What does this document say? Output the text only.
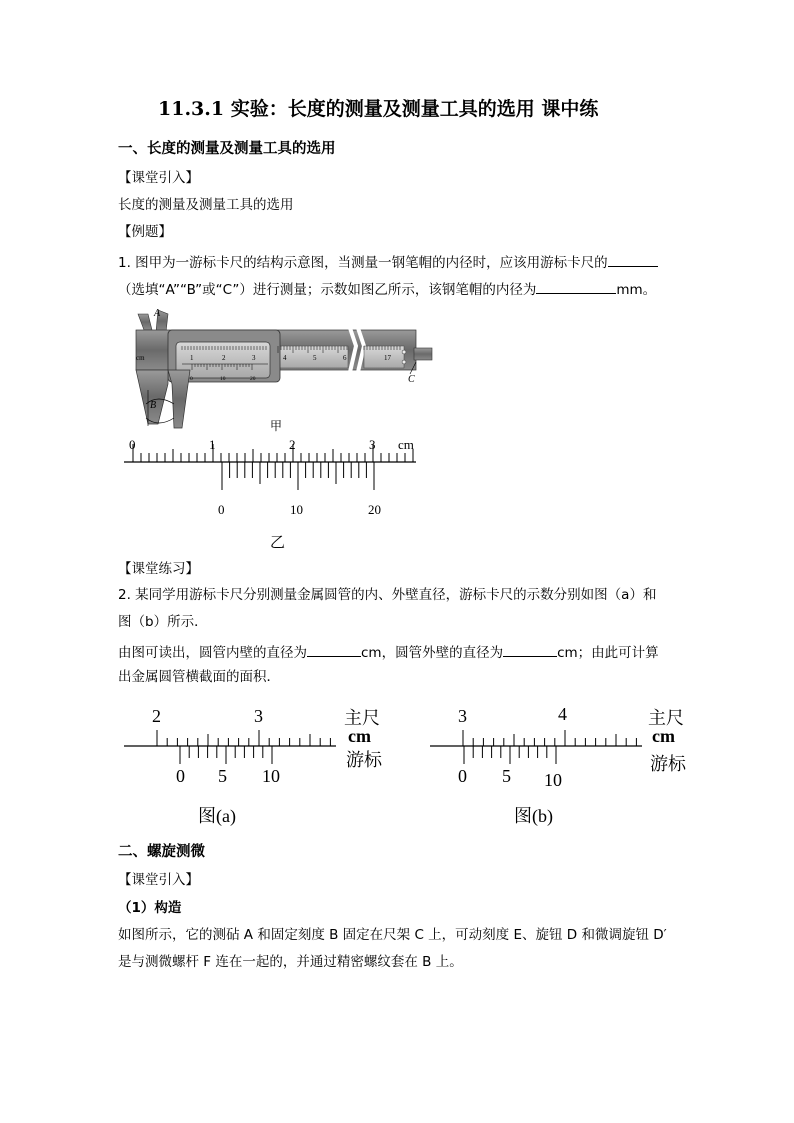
11.3.1 实验：长度的测量及测量工具的选用 课中练
一、长度的测量及测量工具的选用
【课堂引入】
长度的测量及测量工具的选用
【例题】
1. 图甲为一游标卡尺的结构示意图，当测量一钢笔帽的内径时，应该用游标卡尺的
（选填“A”“B”或“C”）进行测量；示数如图乙所示，该钢笔帽的内径为	mm。
cm	1	2	3	4	5	6	17
0	10	20
A
B
C
甲
0	1	2	3 cm
0	10	20
乙
【课堂练习】
2. 某同学用游标卡尺分别测量金属圆管的内、外壁直径，游标卡尺的示数分别如图（a）和
图（b）所示．
由图可读出，圆管内壁的直径为	cm，圆管外壁的直径为	cm；由此可计算
出金属圆管横截面的面积．
2	3	主尺
cm
游标
0 5 10
图(a)
3	4	主尺
cm
游标
0 5 10
图(b)
二、螺旋测微
【课堂引入】
（1）构造
如图所示，它的测砧 A 和固定刻度 B 固定在尺架 C 上，可动刻度 E、旋钮 D 和微调旋钮 D′
是与测微螺杆 F 连在一起的，并通过精密螺纹套在 B 上。
